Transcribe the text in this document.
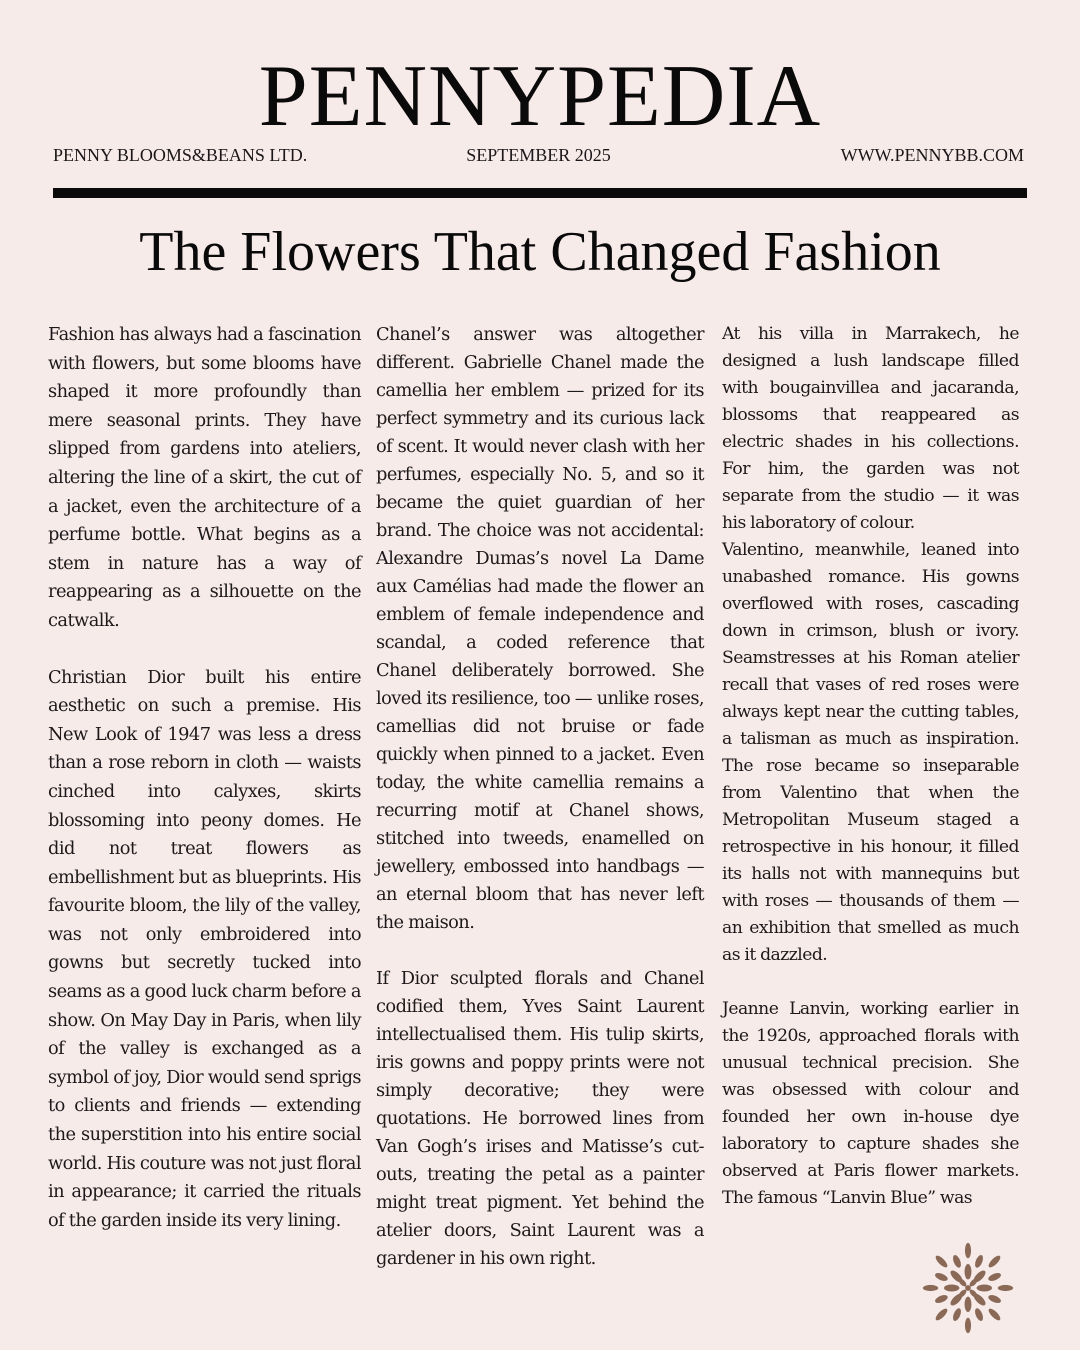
PENNYPEDIA
PENNY BLOOMS&BEANS LTD.	SEPTEMBER 2025	WWW.PENNYBB.COM
The Flowers That Changed Fashion

Fashion has always had a fascination with flowers, but some blooms have shaped it more profoundly than mere seasonal prints. They have slipped from gardens into ateliers, altering the line of a skirt, the cut of a jacket, even the architecture of a perfume bottle. What begins as a stem in nature has a way of reappearing as a silhouette on the catwalk.

Christian Dior built his entire aesthetic on such a premise. His New Look of 1947 was less a dress than a rose reborn in cloth — waists cinched into calyxes, skirts blossoming into peony domes. He did not treat flowers as embellishment but as blueprints. His favourite bloom, the lily of the valley, was not only embroidered into gowns but secretly tucked into seams as a good luck charm before a show. On May Day in Paris, when lily of the valley is exchanged as a symbol of joy, Dior would send sprigs to clients and friends — extending the superstition into his entire social world. His couture was not just floral in appearance; it carried the rituals of the garden inside its very lining.

Chanel’s answer was altogether different. Gabrielle Chanel made the camellia her emblem — prized for its perfect symmetry and its curious lack of scent. It would never clash with her perfumes, especially No. 5, and so it became the quiet guardian of her brand. The choice was not accidental: Alexandre Dumas’s novel La Dame aux Camélias had made the flower an emblem of female independence and scandal, a coded reference that Chanel deliberately borrowed. She loved its resilience, too — unlike roses, camellias did not bruise or fade quickly when pinned to a jacket. Even today, the white camellia remains a recurring motif at Chanel shows, stitched into tweeds, enamelled on jewellery, embossed into handbags — an eternal bloom that has never left the maison.

If Dior sculpted florals and Chanel codified them, Yves Saint Laurent intellectualised them. His tulip skirts, iris gowns and poppy prints were not simply decorative; they were quotations. He borrowed lines from Van Gogh’s irises and Matisse’s cut-outs, treating the petal as a painter might treat pigment. Yet behind the atelier doors, Saint Laurent was a gardener in his own right.

At his villa in Marrakech, he designed a lush landscape filled with bougainvillea and jacaranda, blossoms that reappeared as electric shades in his collections. For him, the garden was not separate from the studio — it was his laboratory of colour.

Valentino, meanwhile, leaned into unabashed romance. His gowns overflowed with roses, cascading down in crimson, blush or ivory. Seamstresses at his Roman atelier recall that vases of red roses were always kept near the cutting tables, a talisman as much as inspiration. The rose became so inseparable from Valentino that when the Metropolitan Museum staged a retrospective in his honour, it filled its halls not with mannequins but with roses — thousands of them — an exhibition that smelled as much as it dazzled.

Jeanne Lanvin, working earlier in the 1920s, approached florals with unusual technical precision. She was obsessed with colour and founded her own in-house dye laboratory to capture shades she observed at Paris flower markets. The famous “Lanvin Blue” was
